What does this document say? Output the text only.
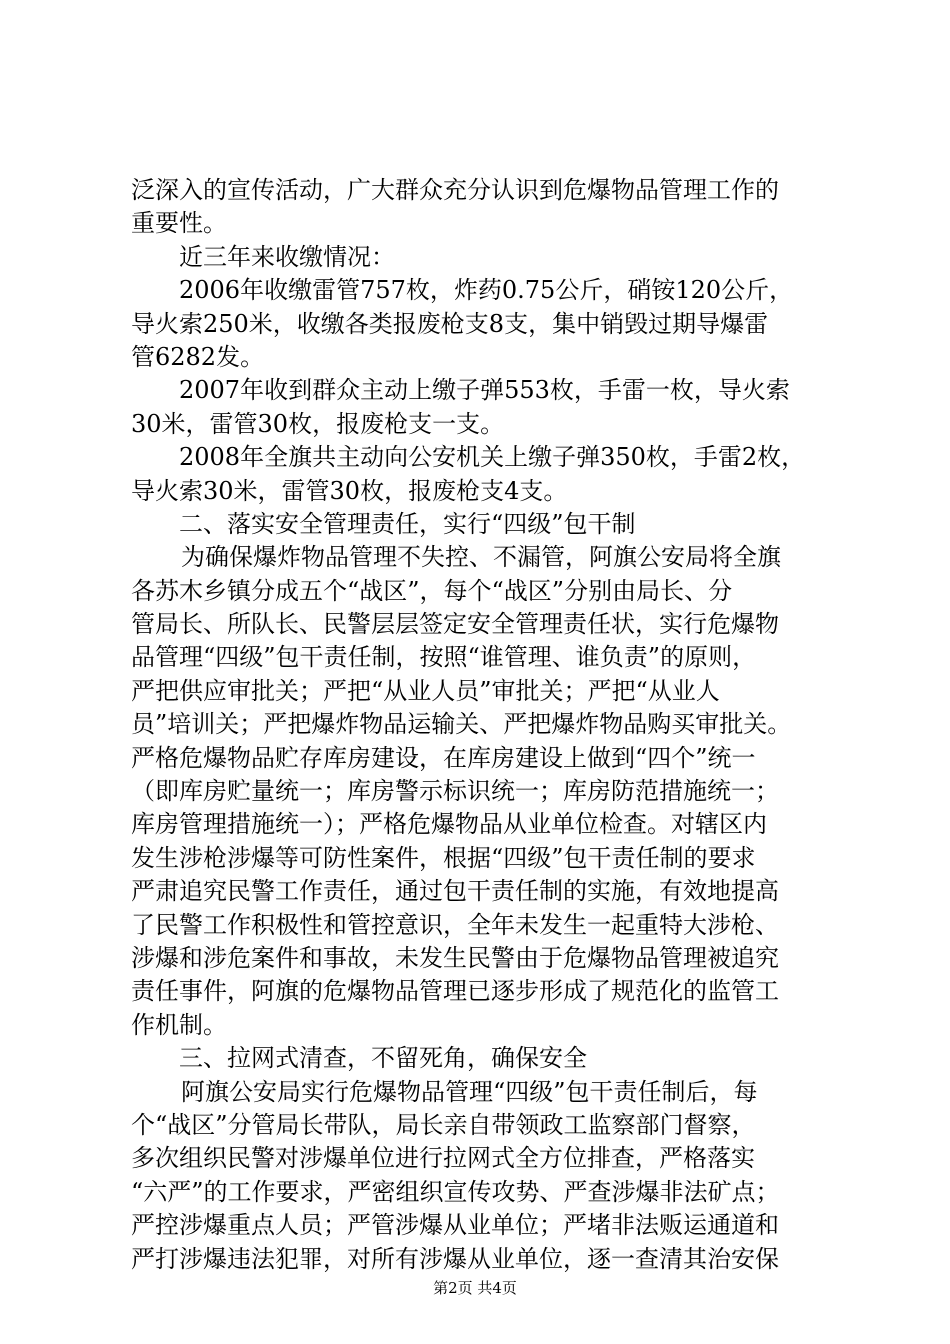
泛深入的宣传活动，广大群众充分认识到危爆物品管理工作的
重要性。
近三年来收缴情况：
2006年收缴雷管757枚，炸药0.75公斤，硝铵120公斤，
导火索250米，收缴各类报废枪支8支，集中销毁过期导爆雷
管6282发。
2007年收到群众主动上缴子弹553枚，手雷一枚，导火索
30米，雷管30枚，报废枪支一支。
2008年全旗共主动向公安机关上缴子弹350枚，手雷2枚，
导火索30米，雷管30枚，报废枪支4支。
二、落实安全管理责任，实行“四级”包干制
为确保爆炸物品管理不失控、不漏管，阿旗公安局将全旗
各苏木乡镇分成五个“战区”，每个“战区”分别由局长、分
管局长、所队长、民警层层签定安全管理责任状，实行危爆物
品管理“四级”包干责任制，按照“谁管理、谁负责”的原则，
严把供应审批关；严把“从业人员”审批关；严把“从业人
员”培训关；严把爆炸物品运输关、严把爆炸物品购买审批关。
严格危爆物品贮存库房建设，在库房建设上做到“四个”统一
（即库房贮量统一；库房警示标识统一；库房防范措施统一；
库房管理措施统一）；严格危爆物品从业单位检查。对辖区内
发生涉枪涉爆等可防性案件，根据“四级”包干责任制的要求
严肃追究民警工作责任，通过包干责任制的实施，有效地提高
了民警工作积极性和管控意识，全年未发生一起重特大涉枪、
涉爆和涉危案件和事故，未发生民警由于危爆物品管理被追究
责任事件，阿旗的危爆物品管理已逐步形成了规范化的监管工
作机制。
三、拉网式清查，不留死角，确保安全
阿旗公安局实行危爆物品管理“四级”包干责任制后，每
个“战区”分管局长带队，局长亲自带领政工监察部门督察，
多次组织民警对涉爆单位进行拉网式全方位排查，严格落实
“六严”的工作要求，严密组织宣传攻势、严查涉爆非法矿点；
严控涉爆重点人员；严管涉爆从业单位；严堵非法贩运通道和
严打涉爆违法犯罪，对所有涉爆从业单位，逐一查清其治安保
第2页 共4页
